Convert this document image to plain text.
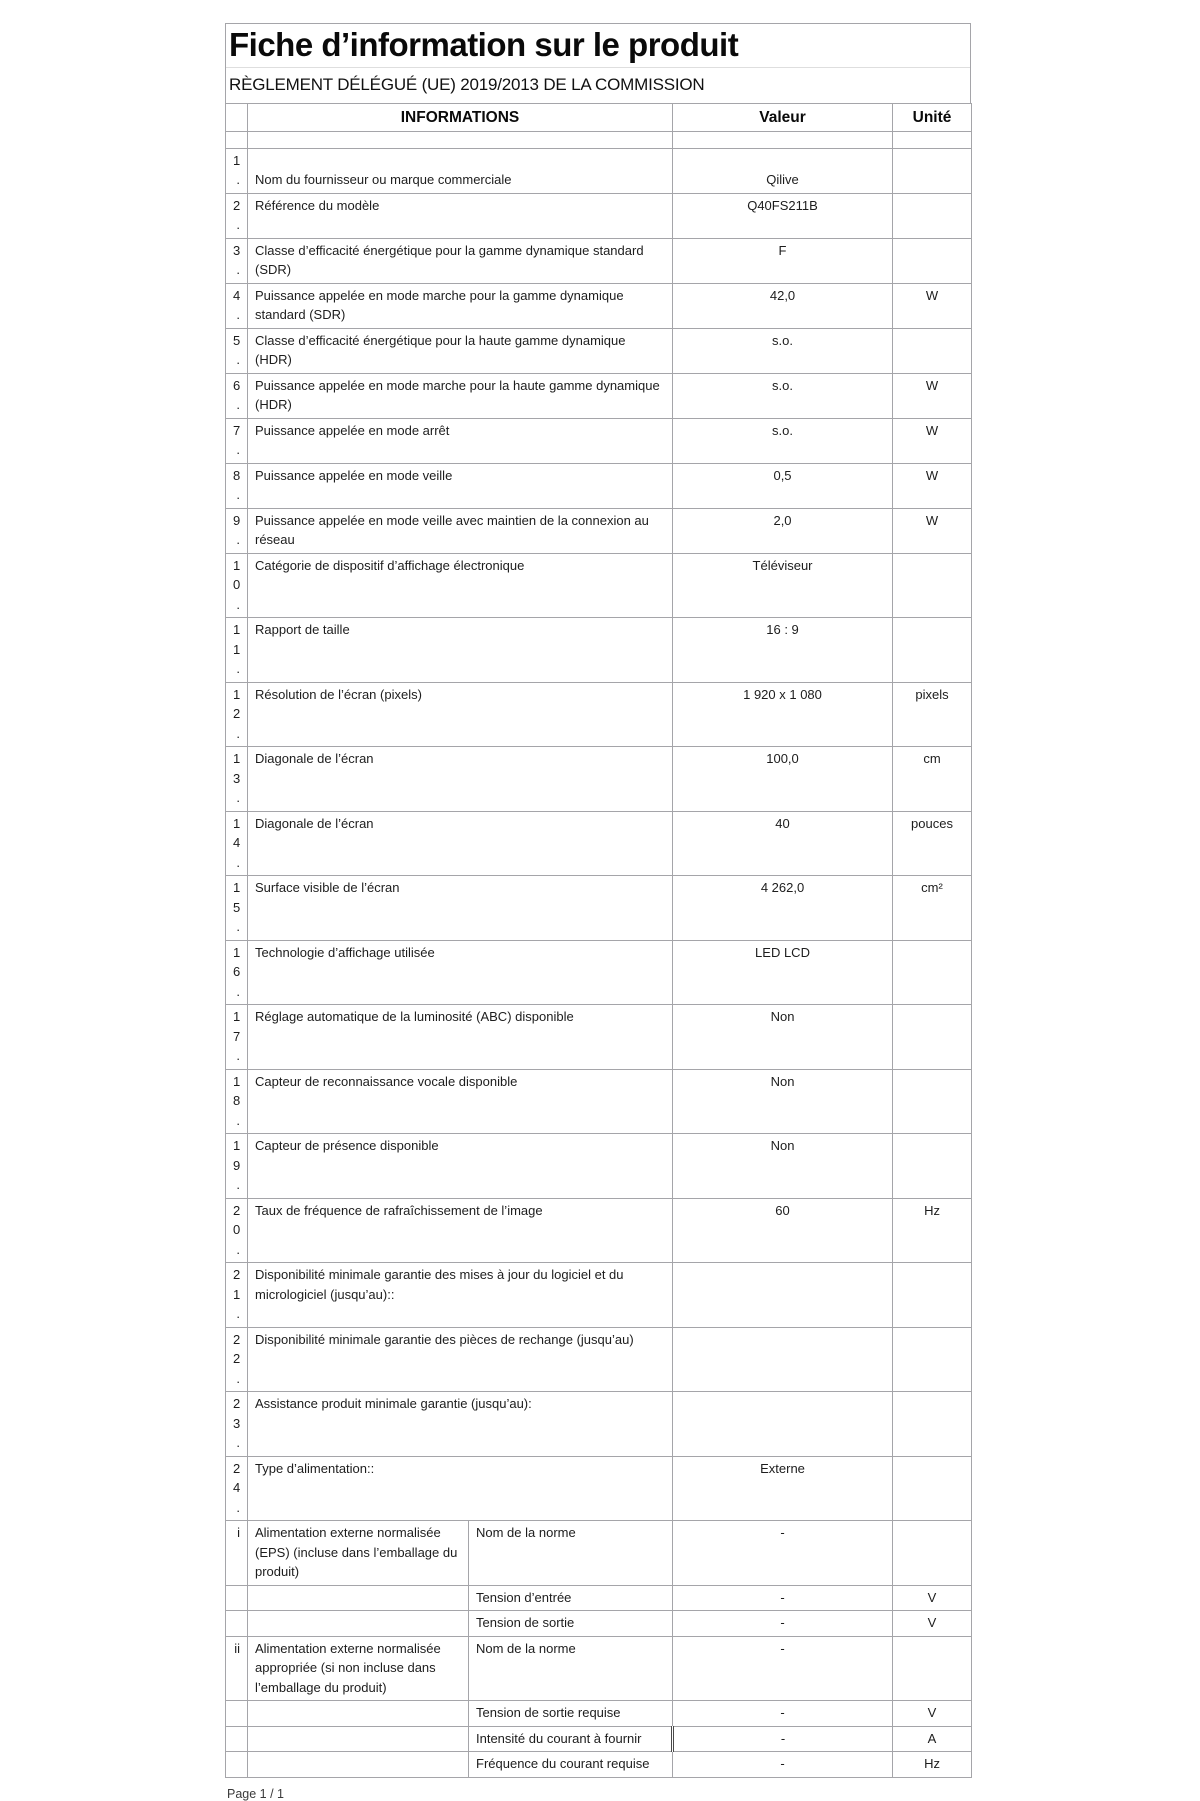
Fiche d’information sur le produit
RÈGLEMENT DÉLÉGUÉ (UE) 2019/2013 DE LA COMMISSION
	INFORMATIONS		Valeur	Unité

1.	Nom du fournisseur ou marque commerciale		Qilive	
2.	Référence du modèle		Q40FS211B	
3.	Classe d’efficacité énergétique pour la gamme dynamique standard (SDR)		F	
4.	Puissance appelée en mode marche pour la gamme dynamique standard (SDR)		42,0	W
5.	Classe d’efficacité énergétique pour la haute gamme dynamique (HDR)		s.o.	
6.	Puissance appelée en mode marche pour la haute gamme dynamique (HDR)		s.o.	W
7.	Puissance appelée en mode arrêt		s.o.	W
8.	Puissance appelée en mode veille		0,5	W
9.	Puissance appelée en mode veille avec maintien de la connexion au réseau		2,0	W
10.	Catégorie de dispositif d’affichage électronique		Téléviseur	
11.	Rapport de taille		16 : 9	
12.	Résolution de l’écran (pixels)		1 920 x 1 080	pixels
13.	Diagonale de l’écran		100,0	cm
14.	Diagonale de l’écran		40	pouces
15.	Surface visible de l’écran		4 262,0	cm²
16.	Technologie d’affichage utilisée		LED LCD	
17.	Réglage automatique de la luminosité (ABC) disponible		Non	
18.	Capteur de reconnaissance vocale disponible		Non	
19.	Capteur de présence disponible		Non	
20.	Taux de fréquence de rafraîchissement de l’image		60	Hz
21.	Disponibilité minimale garantie des mises à jour du logiciel et du micrologiciel (jusqu’au)::			
22.	Disponibilité minimale garantie des pièces de rechange (jusqu’au)			
23.	Assistance produit minimale garantie (jusqu’au):			
24.	Type d’alimentation::		Externe	
i	Alimentation externe normalisée (EPS) (incluse dans l’emballage du produit)	Nom de la norme	-	
		Tension d’entrée	-	V
		Tension de sortie	-	V
ii	Alimentation externe normalisée appropriée (si non incluse dans l’emballage du produit)	Nom de la norme	-	
		Tension de sortie requise	-	V
		Intensité du courant à fournir	-	A
		Fréquence du courant requise	-	Hz
Page 1 / 1
